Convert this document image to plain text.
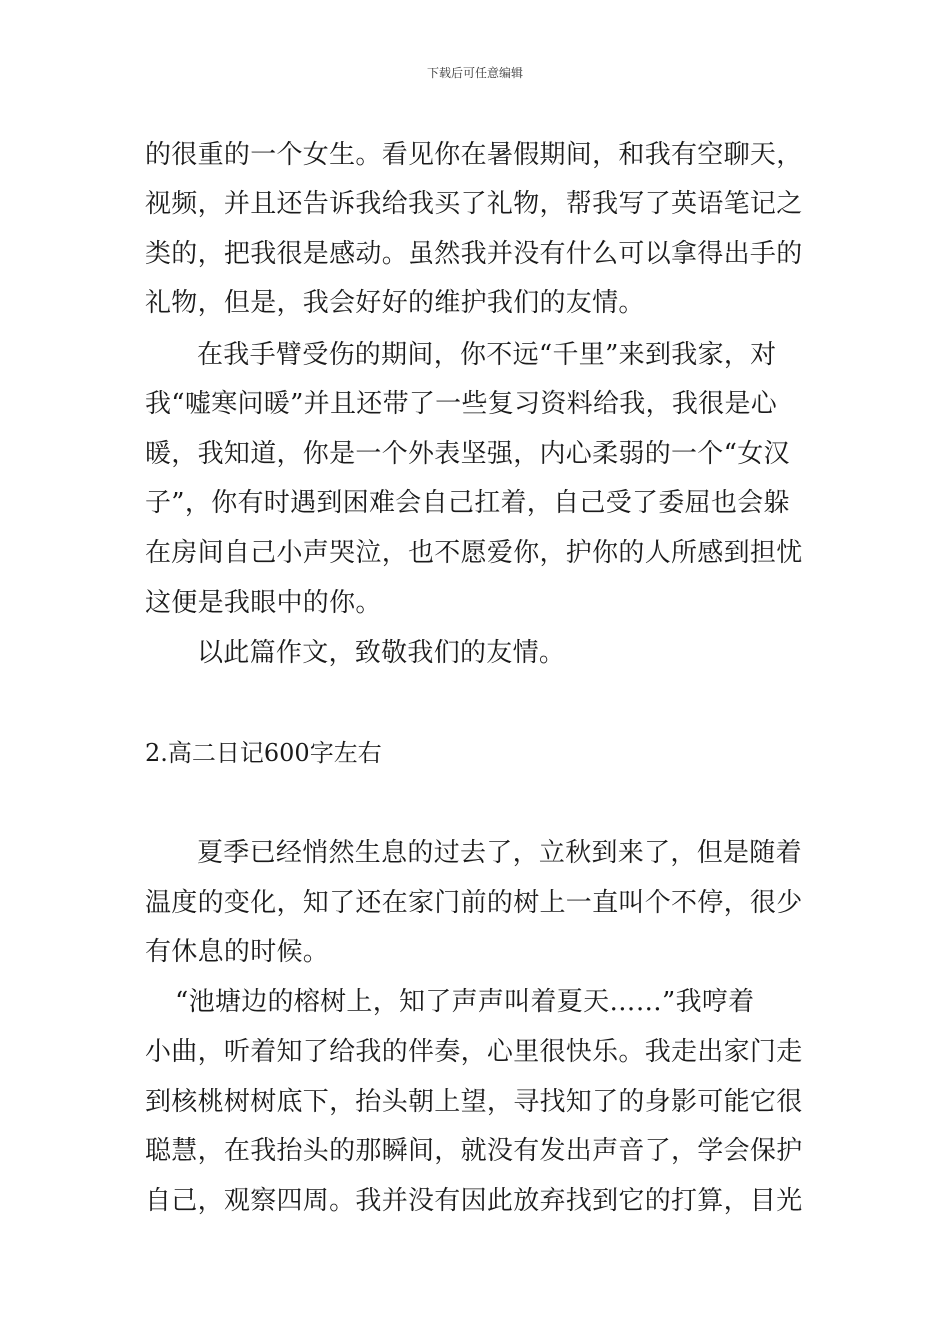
下载后可任意编辑
的很重的一个女生。看见你在暑假期间，和我有空聊天，
视频，并且还告诉我给我买了礼物，帮我写了英语笔记之
类的，把我很是感动。虽然我并没有什么可以拿得出手的
礼物，但是，我会好好的维护我们的友情。
在我手臂受伤的期间，你不远“千里”来到我家，对
我“嘘寒问暖”并且还带了一些复习资料给我，我很是心
暖，我知道，你是一个外表坚强，内心柔弱的一个“女汉
子”，你有时遇到困难会自己扛着，自己受了委屈也会躲
在房间自己小声哭泣，也不愿爱你，护你的人所感到担忧
这便是我眼中的你。
以此篇作文，致敬我们的友情。
2.高二日记600字左右
夏季已经悄然生息的过去了，立秋到来了，但是随着
温度的变化，知了还在家门前的树上一直叫个不停，很少
有休息的时候。
“池塘边的榕树上，知了声声叫着夏天……”我哼着
小曲，听着知了给我的伴奏，心里很快乐。我走出家门走
到核桃树树底下，抬头朝上望，寻找知了的身影可能它很
聪慧，在我抬头的那瞬间，就没有发出声音了，学会保护
自己，观察四周。我并没有因此放弃找到它的打算，目光
